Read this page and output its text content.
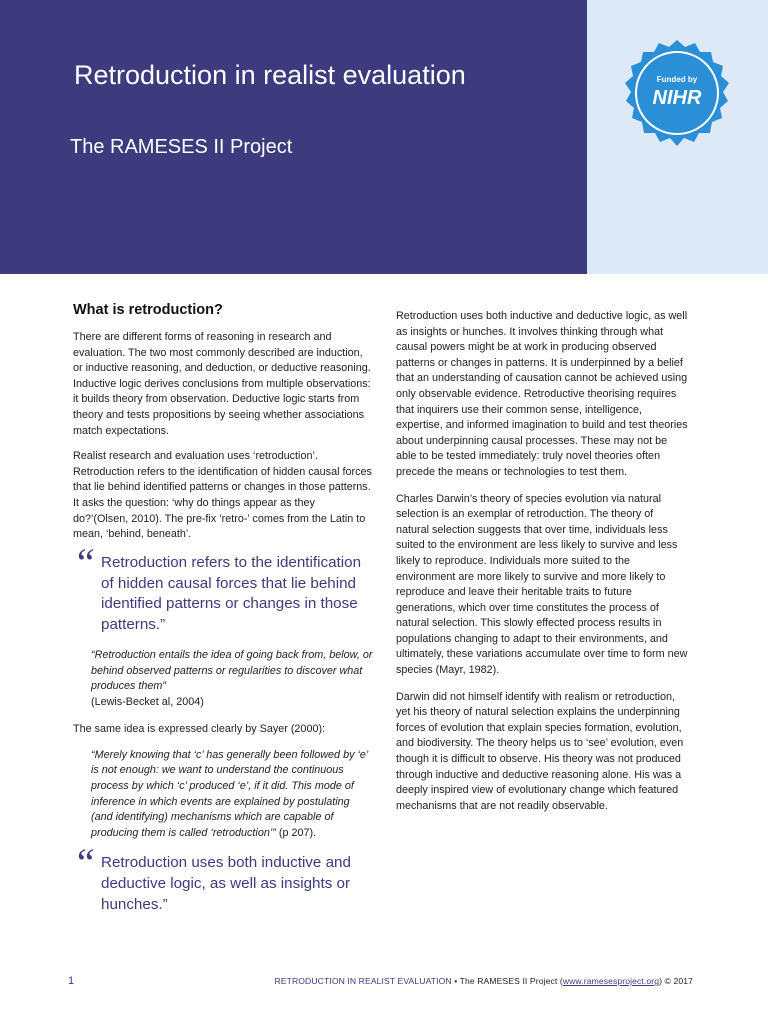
Retroduction in realist evaluation
The RAMESES II Project
Funded by
NIHR
What is retroduction?

There are different forms of reasoning in research and evaluation. The two most commonly described are induction, or inductive reasoning, and deduction, or deductive reasoning. Inductive logic derives conclusions from multiple observations: it builds theory from observation. Deductive logic starts from theory and tests propositions by seeing whether associations match expectations.

Realist research and evaluation uses ‘retroduction’. Retroduction refers to the identification of hidden causal forces that lie behind identified patterns or changes in those patterns. It asks the question: ‘why do things appear as they do?’(Olsen, 2010). The pre-fix ‘retro-’ comes from the Latin to mean, ‘behind, beneath’.

“ Retroduction refers to the identification of hidden causal forces that lie behind identified patterns or changes in those patterns.”

“Retroduction entails the idea of going back from, below, or behind observed patterns or regularities to discover what produces them”

(Lewis-Becket al, 2004)

The same idea is expressed clearly by Sayer (2000):

“Merely knowing that ‘c’ has generally been followed by ‘e’ is not enough: we want to understand the continuous process by which ‘c’ produced ‘e’, if it did. This mode of inference in which events are explained by postulating (and identifying) mechanisms which are capable of producing them is called ‘retroduction’” (p 207).

“ Retroduction uses both inductive and deductive logic, as well as insights or hunches.”

Retroduction uses both inductive and deductive logic, as well as insights or hunches. It involves thinking through what causal powers might be at work in producing observed patterns or changes in patterns. It is underpinned by a belief that an understanding of causation cannot be achieved using only observable evidence. Retroductive theorising requires that inquirers use their common sense, intelligence, expertise, and informed imagination to build and test theories about underpinning causal processes. These may not be able to be tested immediately: truly novel theories often precede the means or technologies to test them.

Charles Darwin’s theory of species evolution via natural selection is an exemplar of retroduction. The theory of natural selection suggests that over time, individuals less suited to the environment are less likely to survive and less likely to reproduce. Individuals more suited to the environment are more likely to survive and more likely to reproduce and leave their heritable traits to future generations, which over time constitutes the process of natural selection. This slowly effected process results in populations changing to adapt to their environments, and ultimately, these variations accumulate over time to form new species (Mayr, 1982).

Darwin did not himself identify with realism or retroduction, yet his theory of natural selection explains the underpinning forces of evolution that explain species formation, evolution, and biodiversity. The theory helps us to ‘see’ evolution, even though it is difficult to observe. His theory was not produced through inductive and deductive reasoning alone. His was a deeply inspired view of evolutionary change which featured mechanisms that are not readily observable.

1	RETRODUCTION IN REALIST EVALUATION • The RAMESES II Project (www.ramesesproject.org) © 2017
